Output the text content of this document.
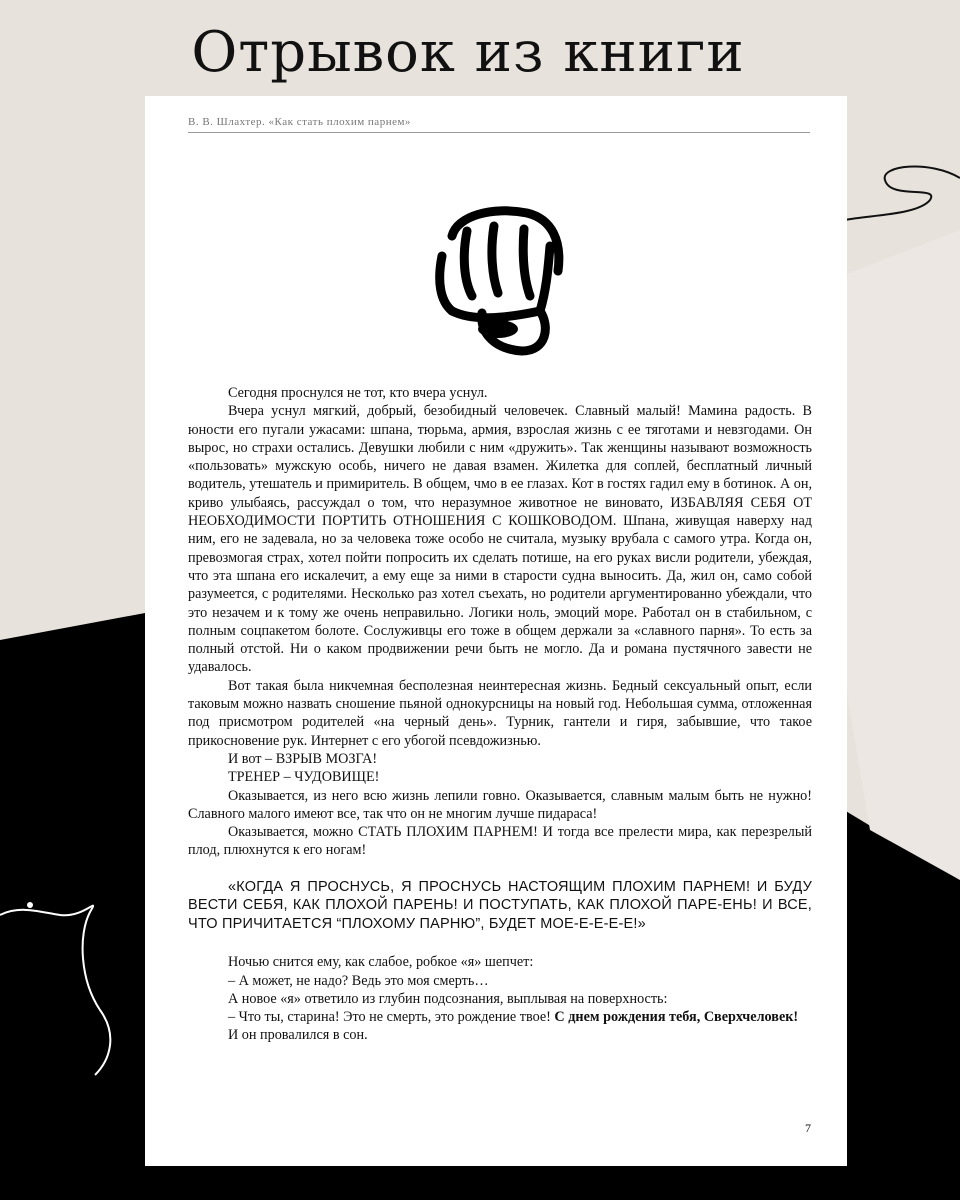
Отрывок из книги
В. В. Шлахтер. «Как стать плохим парнем»

Сегодня проснулся не тот, кто вчера уснул.

Вчера уснул мягкий, добрый, безобидный человечек. Славный малый! Мамина радость. В юности его пугали ужасами: шпана, тюрьма, армия, взрослая жизнь с ее тяготами и невзгодами. Он вырос, но страхи остались. Девушки любили с ним «дружить». Так женщины называют возможность «пользовать» мужскую особь, ничего не давая взамен. Жилетка для соплей, бесплатный личный водитель, утешатель и примиритель. В общем, чмо в ее глазах. Кот в гостях гадил ему в ботинок. А он, криво улыбаясь, рассуждал о том, что неразумное животное не виновато, ИЗБАВЛЯЯ СЕБЯ ОТ НЕОБХОДИМОСТИ ПОРТИТЬ ОТНОШЕНИЯ С КОШКОВОДОМ. Шпана, живущая наверху над ним, его не задевала, но за человека тоже особо не считала, музыку врубала с самого утра. Когда он, превозмогая страх, хотел пойти попросить их сделать потише, на его руках висли родители, убеждая, что эта шпана его искалечит, а ему еще за ними в старости судна выносить. Да, жил он, само собой разумеется, с родителями. Несколько раз хотел съехать, но родители аргументированно убеждали, что это незачем и к тому же очень неправильно. Логики ноль, эмоций море. Работал он в стабильном, с полным соцпакетом болоте. Сослуживцы его тоже в общем держали за «славного парня». То есть за полный отстой. Ни о каком продвижении речи быть не могло. Да и романа пустячного завести не удавалось.

Вот такая была никчемная бесполезная неинтересная жизнь. Бедный сексуальный опыт, если таковым можно назвать сношение пьяной однокурсницы на новый год. Небольшая сумма, отложенная под присмотром родителей «на черный день». Турник, гантели и гиря, забывшие, что такое прикосновение рук. Интернет с его убогой псевдожизнью.

И вот – ВЗРЫВ МОЗГА!

ТРЕНЕР – ЧУДОВИЩЕ!

Оказывается, из него всю жизнь лепили говно. Оказывается, славным малым быть не нужно! Славного малого имеют все, так что он не многим лучше пидараса!

Оказывается, можно СТАТЬ ПЛОХИМ ПАРНЕМ! И тогда все прелести мира, как перезрелый плод, плюхнутся к его ногам!

«КОГДА Я ПРОСНУСЬ, Я ПРОСНУСЬ НАСТОЯЩИМ ПЛОХИМ ПАРНЕМ! И БУДУ ВЕСТИ СЕБЯ, КАК ПЛОХОЙ ПАРЕНЬ! И ПОСТУПАТЬ, КАК ПЛОХОЙ ПАРЕ-ЕНЬ! И ВСЕ, ЧТО ПРИЧИТАЕТСЯ “ПЛОХОМУ ПАРНЮ”, БУДЕТ МОЕ-Е-Е-Е-Е!»

Ночью снится ему, как слабое, робкое «я» шепчет:

– А может, не надо? Ведь это моя смерть…

А новое «я» ответило из глубин подсознания, выплывая на поверхность:

– Что ты, старина! Это не смерть, это рождение твое! С днем рождения тебя, Сверхчеловек!

И он провалился в сон.

7
